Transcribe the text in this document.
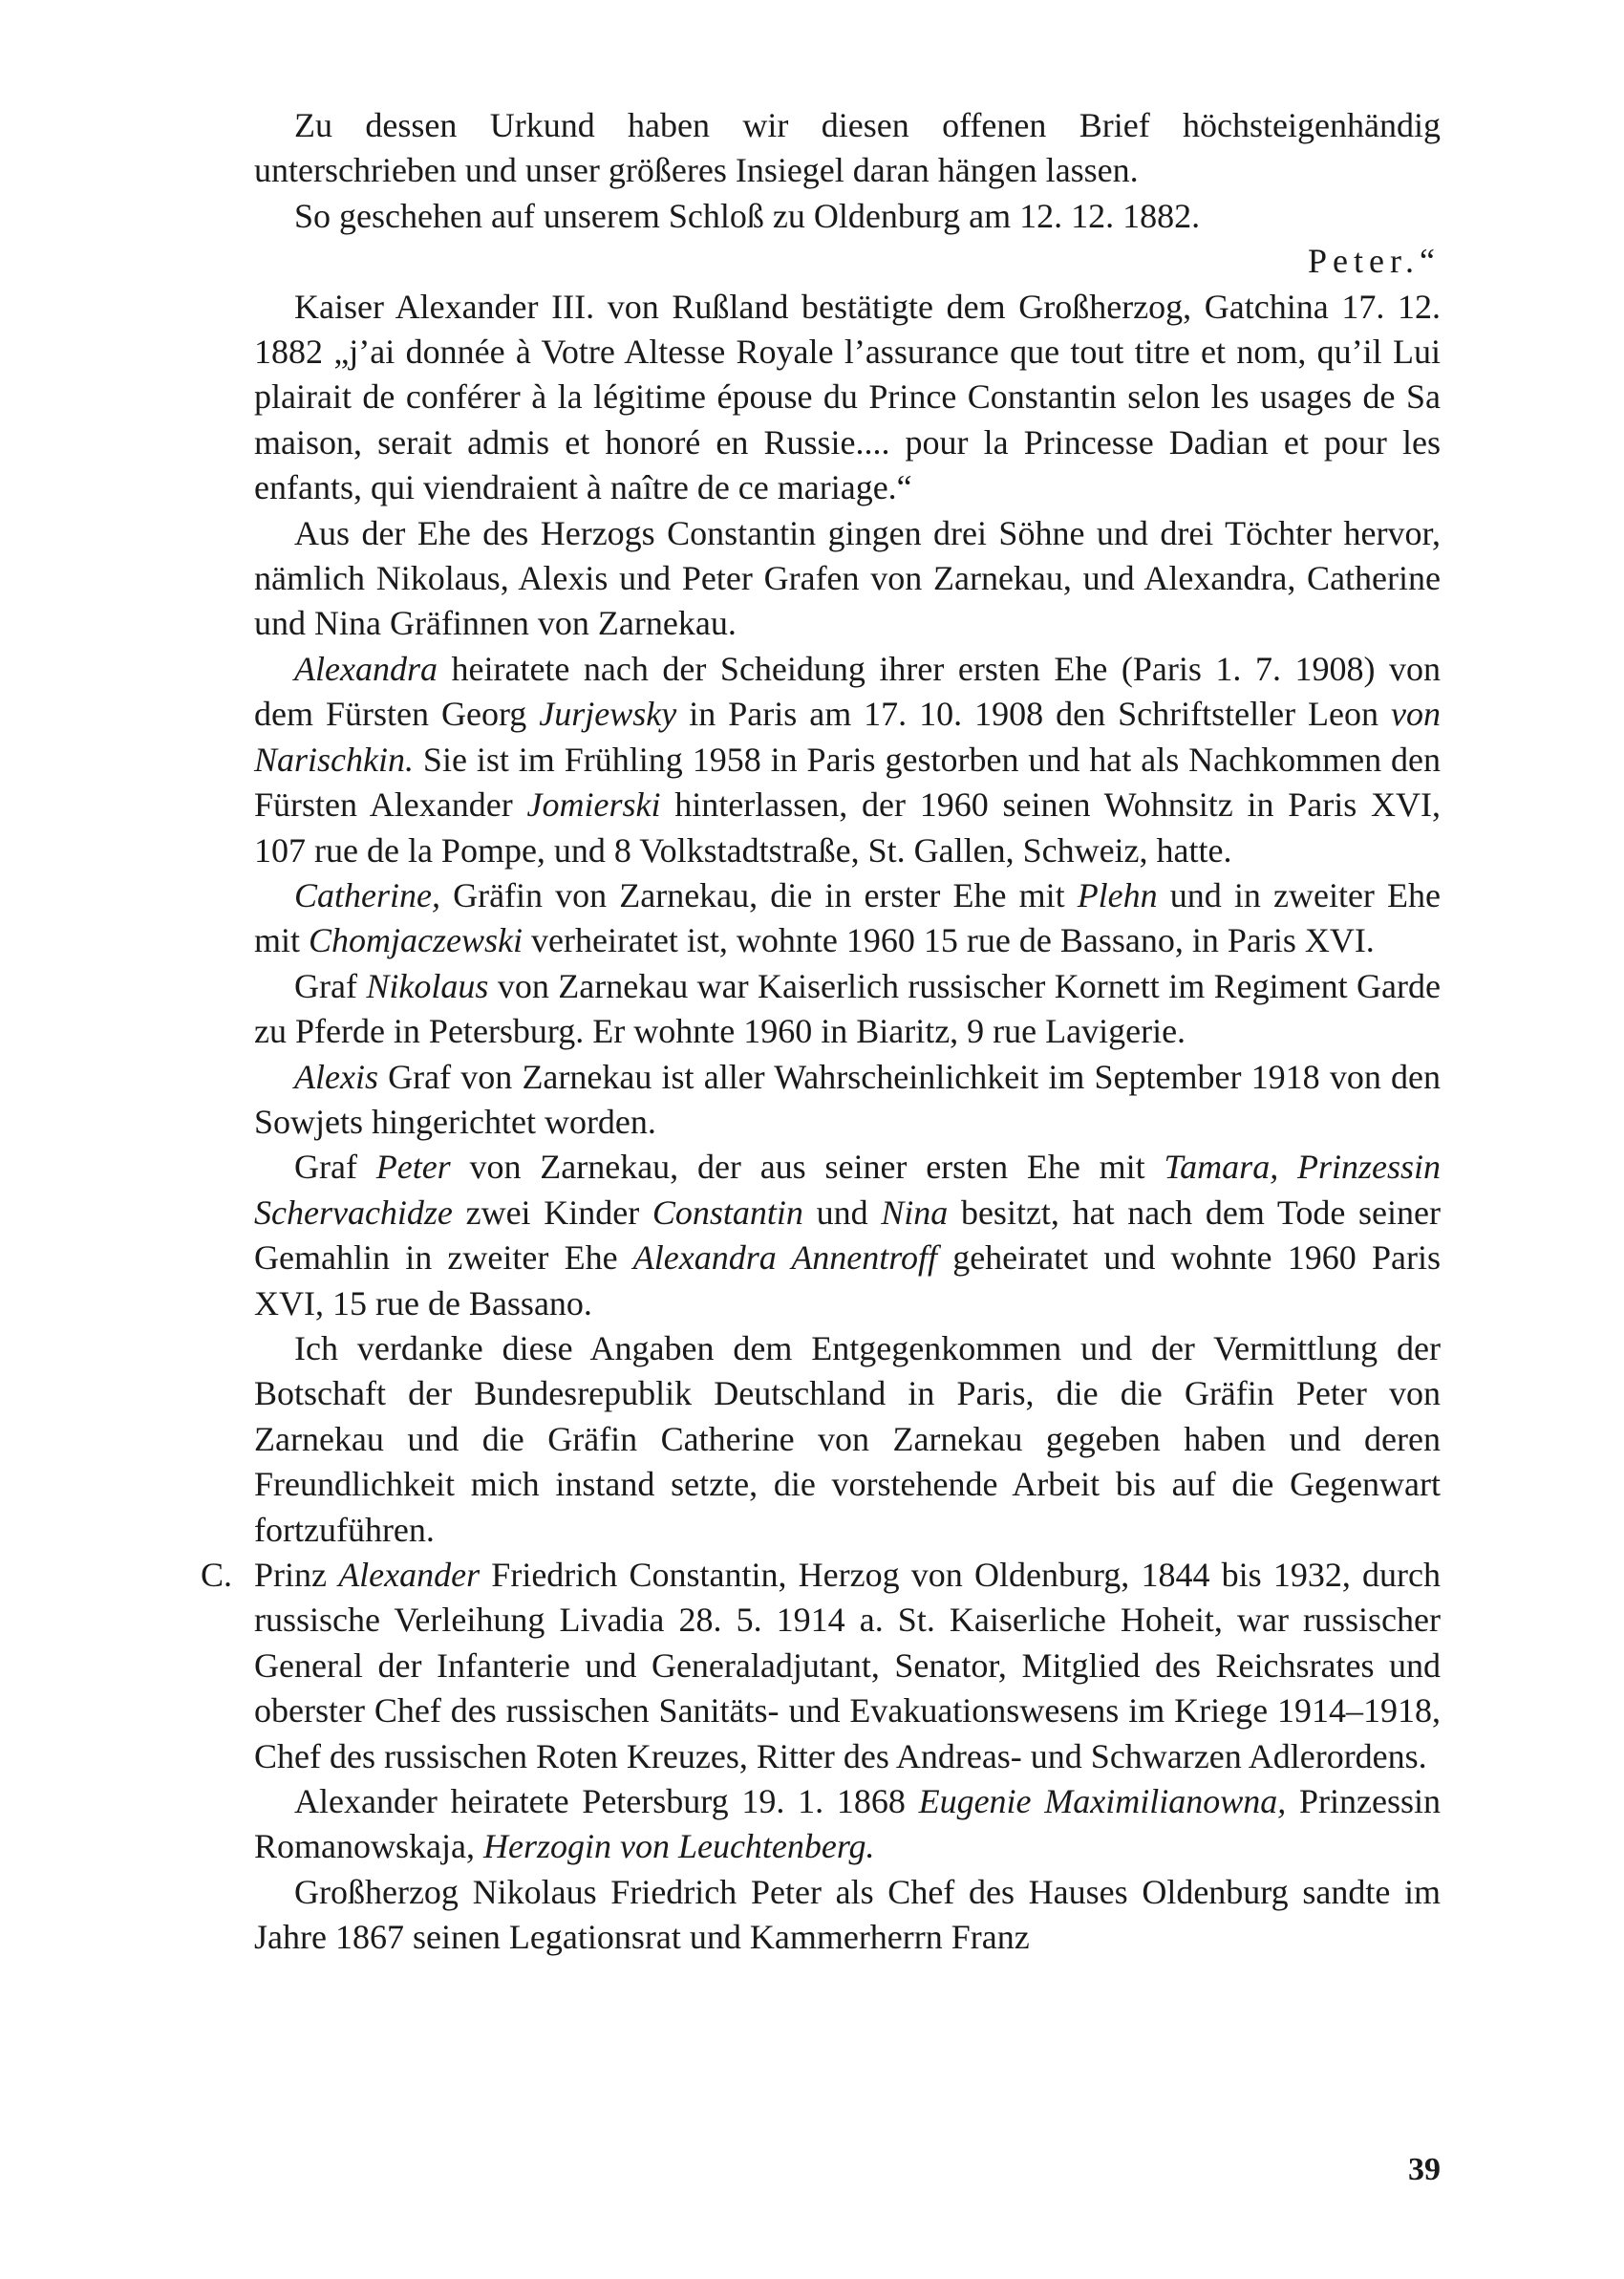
Zu dessen Urkund haben wir diesen offenen Brief höchsteigenhändig unterschrieben und unser größeres Insiegel daran hängen lassen.

So geschehen auf unserem Schloß zu Oldenburg am 12. 12. 1882.

Peter.“

Kaiser Alexander III. von Rußland bestätigte dem Großherzog, Gatchina 17. 12. 1882 „j’ai donnée à Votre Altesse Royale l’assurance que tout titre et nom, qu’il Lui plairait de conférer à la légitime épouse du Prince Constantin selon les usages de Sa maison, serait admis et honoré en Russie.... pour la Princesse Dadian et pour les enfants, qui viendraient à naître de ce mariage.“

Aus der Ehe des Herzogs Constantin gingen drei Söhne und drei Töchter hervor, nämlich Nikolaus, Alexis und Peter Grafen von Zarnekau, und Alexandra, Catherine und Nina Gräfinnen von Zarnekau.

Alexandra heiratete nach der Scheidung ihrer ersten Ehe (Paris 1. 7. 1908) von dem Fürsten Georg Jurjewsky in Paris am 17. 10. 1908 den Schriftsteller Leon von Narischkin. Sie ist im Frühling 1958 in Paris gestorben und hat als Nachkommen den Fürsten Alexander Jomierski hinterlassen, der 1960 seinen Wohnsitz in Paris XVI, 107 rue de la Pompe, und 8 Volkstadtstraße, St. Gallen, Schweiz, hatte.

Catherine, Gräfin von Zarnekau, die in erster Ehe mit Plehn und in zweiter Ehe mit Chomjaczewski verheiratet ist, wohnte 1960 15 rue de Bassano, in Paris XVI.

Graf Nikolaus von Zarnekau war Kaiserlich russischer Kornett im Regiment Garde zu Pferde in Petersburg. Er wohnte 1960 in Biaritz, 9 rue Lavigerie.

Alexis Graf von Zarnekau ist aller Wahrscheinlichkeit im September 1918 von den Sowjets hingerichtet worden.

Graf Peter von Zarnekau, der aus seiner ersten Ehe mit Tamara, Prinzessin Schervachidze zwei Kinder Constantin und Nina besitzt, hat nach dem Tode seiner Gemahlin in zweiter Ehe Alexandra Annentroff geheiratet und wohnte 1960 Paris XVI, 15 rue de Bassano.

Ich verdanke diese Angaben dem Entgegenkommen und der Vermittlung der Botschaft der Bundesrepublik Deutschland in Paris, die die Gräfin Peter von Zarnekau und die Gräfin Catherine von Zarnekau gegeben haben und deren Freundlichkeit mich instand setzte, die vorstehende Arbeit bis auf die Gegenwart fortzuführen.

C. Prinz Alexander Friedrich Constantin, Herzog von Oldenburg, 1844 bis 1932, durch russische Verleihung Livadia 28. 5. 1914 a. St. Kaiserliche Hoheit, war russischer General der Infanterie und Generaladjutant, Senator, Mitglied des Reichsrates und oberster Chef des russischen Sanitäts- und Evakuationswesens im Kriege 1914–1918, Chef des russischen Roten Kreuzes, Ritter des Andreas- und Schwarzen Adlerordens.

Alexander heiratete Petersburg 19. 1. 1868 Eugenie Maximilianowna, Prinzessin Romanowskaja, Herzogin von Leuchtenberg.

Großherzog Nikolaus Friedrich Peter als Chef des Hauses Oldenburg sandte im Jahre 1867 seinen Legationsrat und Kammerherrn Franz

39
